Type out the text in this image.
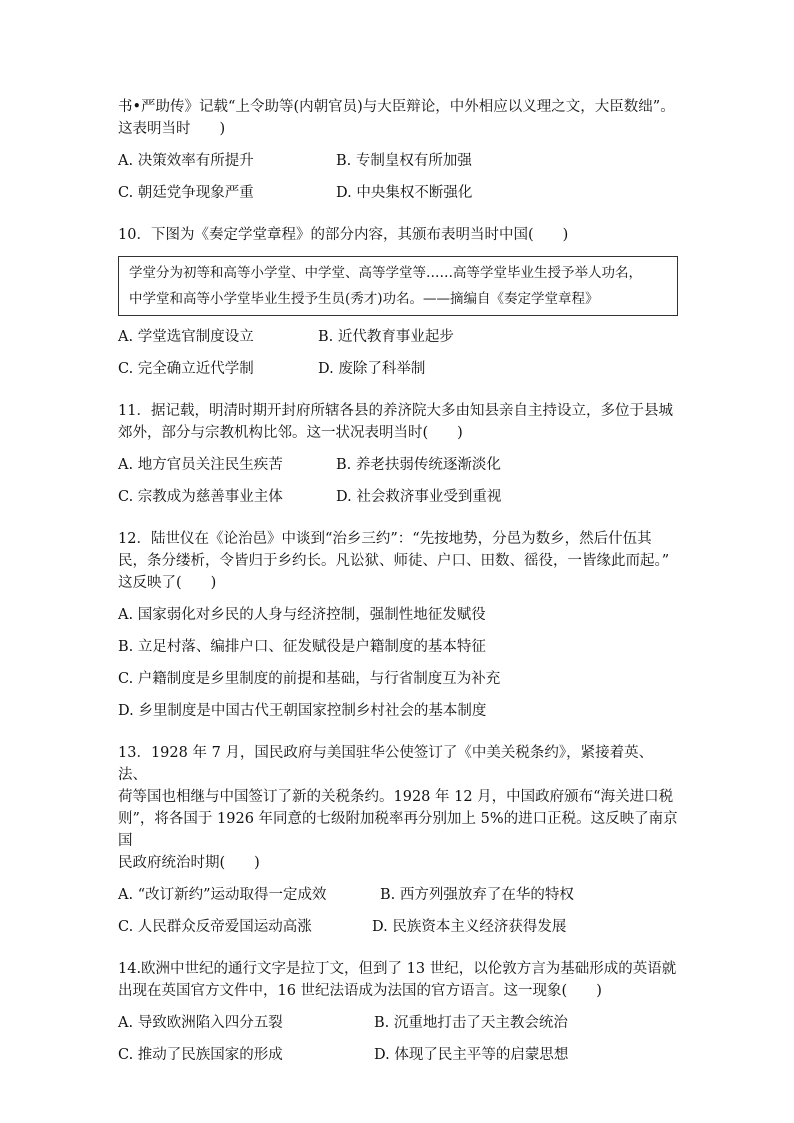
书•严助传》记载“上令助等(内朝官员)与大臣辩论，中外相应以义理之文，大臣数绌”。

这表明当时　　)

A. 决策效率有所提升	B. 专制皇权有所加强
C. 朝廷党争现象严重	D. 中央集权不断强化

10．下图为《奏定学堂章程》的部分内容，其颁布表明当时中国(　　)

学堂分为初等和高等小学堂、中学堂、高等学堂等……高等学堂毕业生授予举人功名，
中学堂和高等小学堂毕业生授予生员(秀才)功名。——摘编自《奏定学堂章程》
A. 学堂选官制度设立	B. 近代教育事业起步
C. 完全确立近代学制	D. 废除了科举制

11．据记载，明清时期开封府所辖各县的养济院大多由知县亲自主持设立，多位于县城

郊外，部分与宗教机构比邻。这一状况表明当时(　　)

A. 地方官员关注民生疾苦	B. 养老扶弱传统逐渐淡化
C. 宗教成为慈善事业主体	D. 社会救济事业受到重视

12．陆世仪在《论治邑》中谈到“治乡三约”：“先按地势，分邑为数乡，然后什伍其

民，条分缕析，令皆归于乡约长。凡讼狱、师徒、户口、田数、徭役，一皆缘此而起。”

这反映了(　　)

A. 国家弱化对乡民的人身与经济控制，强制性地征发赋役
B. 立足村落、编排户口、征发赋役是户籍制度的基本特征
C. 户籍制度是乡里制度的前提和基础，与行省制度互为补充
D. 乡里制度是中国古代王朝国家控制乡村社会的基本制度

13．1928 年 7 月，国民政府与美国驻华公使签订了《中美关税条约》，紧接着英、法、

荷等国也相继与中国签订了新的关税条约。1928 年 12 月，中国政府颁布“海关进口税

则”，将各国于 1926 年同意的七级附加税率再分别加上 5%的进口正税。这反映了南京国

民政府统治时期(　　)

A. “改订新约”运动取得一定成效	B. 西方列强放弃了在华的特权
C. 人民群众反帝爱国运动高涨	D. 民族资本主义经济获得发展

14.欧洲中世纪的通行文字是拉丁文，但到了 13 世纪，以伦敦方言为基础形成的英语就

出现在英国官方文件中，16 世纪法语成为法国的官方语言。这一现象(　　)

A. 导致欧洲陷入四分五裂	B. 沉重地打击了天主教会统治
C. 推动了民族国家的形成	D. 体现了民主平等的启蒙思想
